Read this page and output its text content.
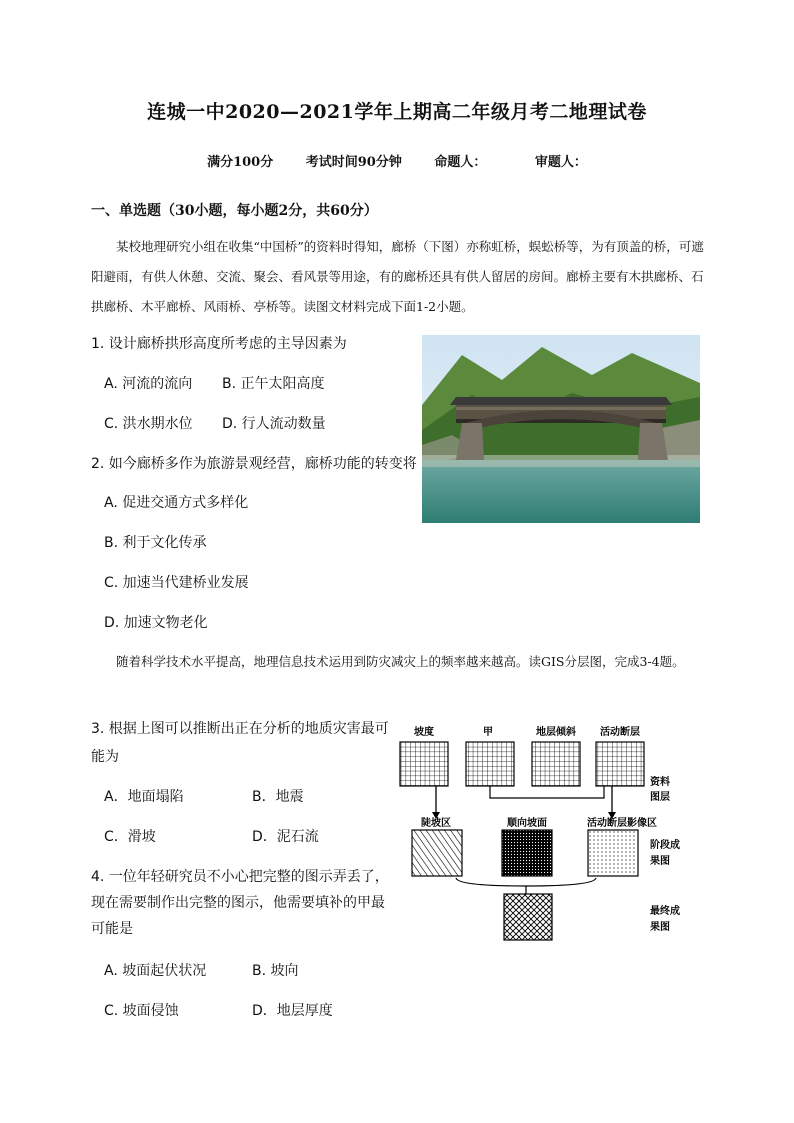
连城一中2020—2021学年上期高二年级月考二地理试卷
满分100分	考试时间90分钟	命题人：	审题人：
一、单选题（30小题，每小题2分，共60分）
某校地理研究小组在收集“中国桥”的资料时得知，廊桥（下图）亦称虹桥，蜈蚣桥等，为有顶盖的桥，可遮阳避雨，有供人休憩、交流、聚会、看风景等用途，有的廊桥还具有供人留居的房间。廊桥主要有木拱廊桥、石拱廊桥、木平廊桥、风雨桥、亭桥等。读图文材料完成下面1-2小题。
1. 设计廊桥拱形高度所考虑的主导因素为
A. 河流的流向 B. 正午太阳高度
C. 洪水期水位 D. 行人流动数量
2. 如今廊桥多作为旅游景观经营，廊桥功能的转变将
A. 促进交通方式多样化
B. 利于文化传承
C. 加速当代建桥业发展
D. 加速文物老化
随着科学技术水平提高，地理信息技术运用到防灾减灾上的频率越来越高。读GIS分层图，完成3-4题。
3. 根据上图可以推断出正在分析的地质灾害最可
能为
A．地面塌陷	B．地震
C．滑坡	D．泥石流
4. 一位年轻研究员不小心把完整的图示弄丢了，
现在需要制作出完整的图示，他需要填补的甲最
可能是
A. 坡面起伏状况	B. 坡向
C. 坡面侵蚀	D．地层厚度
坡度	甲	地层倾斜 活动断层
资料
图层
陡坡区	顺向坡面	活动断层影像区
阶段成
果图
最终成
果图
